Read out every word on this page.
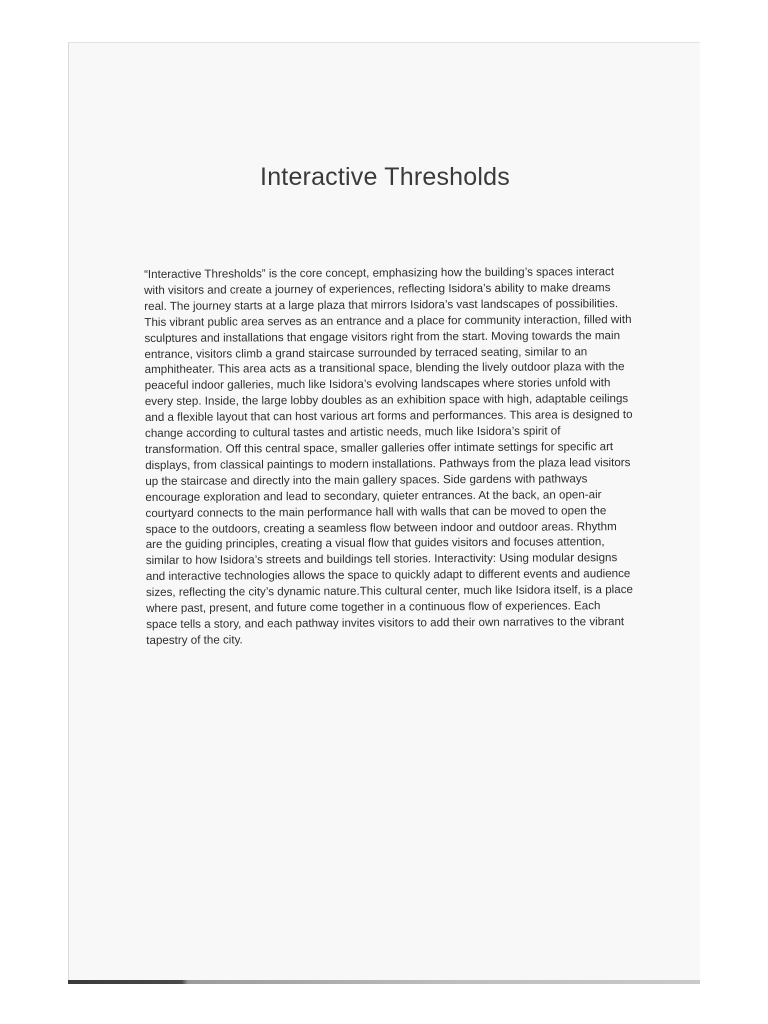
Interactive Thresholds

“Interactive Thresholds” is the core concept, emphasizing how the building’s spaces interact with visitors and create a journey of experiences, reflecting Isidora’s ability to make dreams real. The journey starts at a large plaza that mirrors Isidora’s vast landscapes of possibilities. This vibrant public area serves as an entrance and a place for community interaction, filled with sculptures and installations that engage visitors right from the start. Moving towards the main entrance, visitors climb a grand staircase surrounded by terraced seating, similar to an amphitheater. This area acts as a transitional space, blending the lively outdoor plaza with the peaceful indoor galleries, much like Isidora’s evolving landscapes where stories unfold with every step. Inside, the large lobby doubles as an exhibition space with high, adaptable ceilings and a flexible layout that can host various art forms and performances. This area is designed to change according to cultural tastes and artistic needs, much like Isidora’s spirit of transformation. Off this central space, smaller galleries offer intimate settings for specific art displays, from classical paintings to modern installations. Pathways from the plaza lead visitors up the staircase and directly into the main gallery spaces. Side gardens with pathways encourage exploration and lead to secondary, quieter entrances. At the back, an open-air courtyard connects to the main performance hall with walls that can be moved to open the space to the outdoors, creating a seamless flow between indoor and outdoor areas. Rhythm are the guiding principles, creating a visual flow that guides visitors and focuses attention, similar to how Isidora’s streets and buildings tell stories. Interactivity: Using modular designs and interactive technologies allows the space to quickly adapt to different events and audience sizes, reflecting the city’s dynamic nature.This cultural center, much like Isidora itself, is a place where past, present, and future come together in a continuous flow of experiences. Each space tells a story, and each pathway invites visitors to add their own narratives to the vibrant tapestry of the city.
